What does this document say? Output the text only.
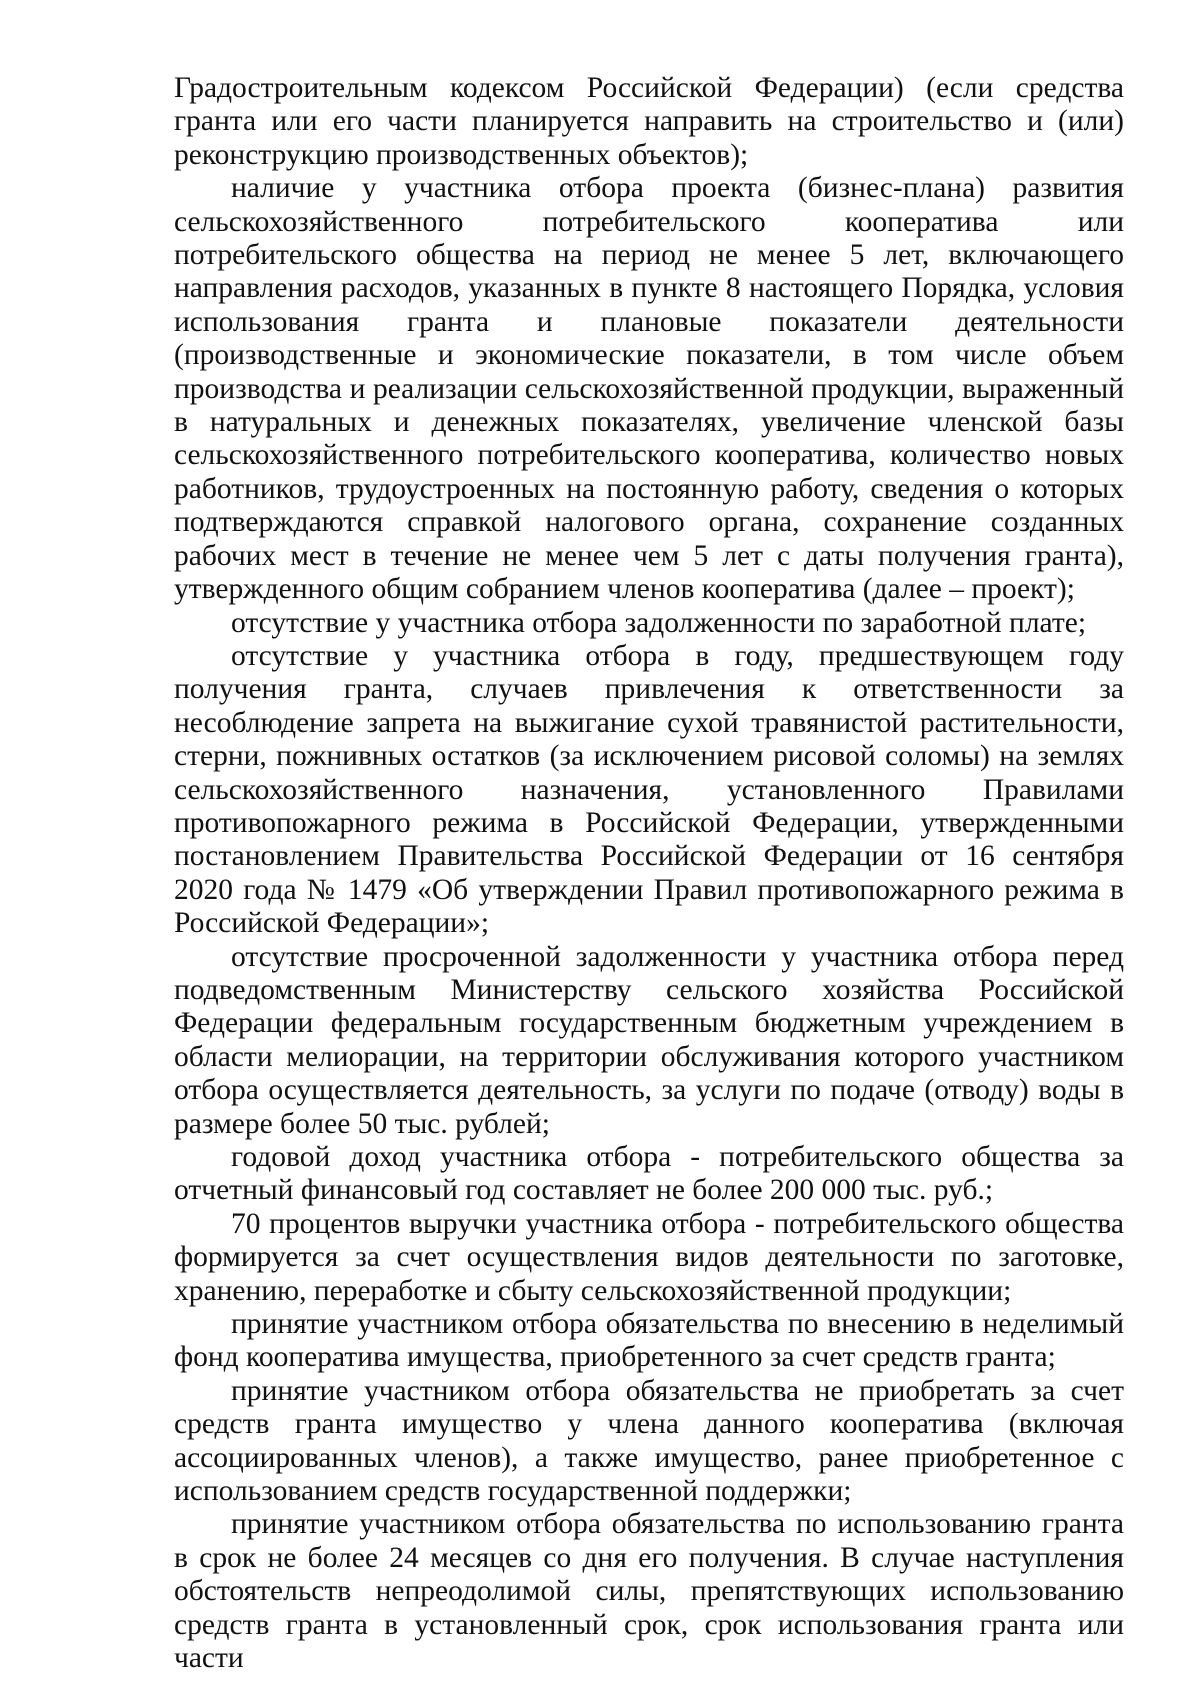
Градостроительным кодексом Российской Федерации) (если средства гранта или его части планируется направить на строительство и (или) реконструкцию производственных объектов);

наличие у участника отбора проекта (бизнес-плана) развития сельскохозяйственного потребительского кооператива или потребительского общества на период не менее 5 лет, включающего направления расходов, указанных в пункте 8 настоящего Порядка, условия использования гранта и плановые показатели деятельности (производственные и экономические показатели, в том числе объем производства и реализации сельскохозяйственной продукции, выраженный в натуральных и денежных показателях, увеличение членской базы сельскохозяйственного потребительского кооператива, количество новых работников, трудоустроенных на постоянную работу, сведения о которых подтверждаются справкой налогового органа, сохранение созданных рабочих мест в течение не менее чем 5 лет с даты получения гранта), утвержденного общим собранием членов кооператива (далее – проект);

отсутствие у участника отбора задолженности по заработной плате;

отсутствие у участника отбора в году, предшествующем году получения гранта, случаев привлечения к ответственности за несоблюдение запрета на выжигание сухой травянистой растительности, стерни, пожнивных остатков (за исключением рисовой соломы) на землях сельскохозяйственного назначения, установленного Правилами противопожарного режима в Российской Федерации, утвержденными постановлением Правительства Российской Федерации от 16 сентября 2020 года № 1479 «Об утверждении Правил противопожарного режима в Российской Федерации»;

отсутствие просроченной задолженности у участника отбора перед подведомственным Министерству сельского хозяйства Российской Федерации федеральным государственным бюджетным учреждением в области мелиорации, на территории обслуживания которого участником отбора осуществляется деятельность, за услуги по подаче (отводу) воды в размере более 50 тыс. рублей;

годовой доход участника отбора - потребительского общества за отчетный финансовый год составляет не более 200 000 тыс. руб.;

70 процентов выручки участника отбора - потребительского общества формируется за счет осуществления видов деятельности по заготовке, хранению, переработке и сбыту сельскохозяйственной продукции;

принятие участником отбора обязательства по внесению в неделимый фонд кооператива имущества, приобретенного за счет средств гранта;

принятие участником отбора обязательства не приобретать за счет средств гранта имущество у члена данного кооператива (включая ассоциированных членов), а также имущество, ранее приобретенное с использованием средств государственной поддержки;

принятие участником отбора обязательства по использованию гранта в срок не более 24 месяцев со дня его получения. В случае наступления обстоятельств непреодолимой силы, препятствующих использованию средств гранта в установленный срок, срок использования гранта или части
